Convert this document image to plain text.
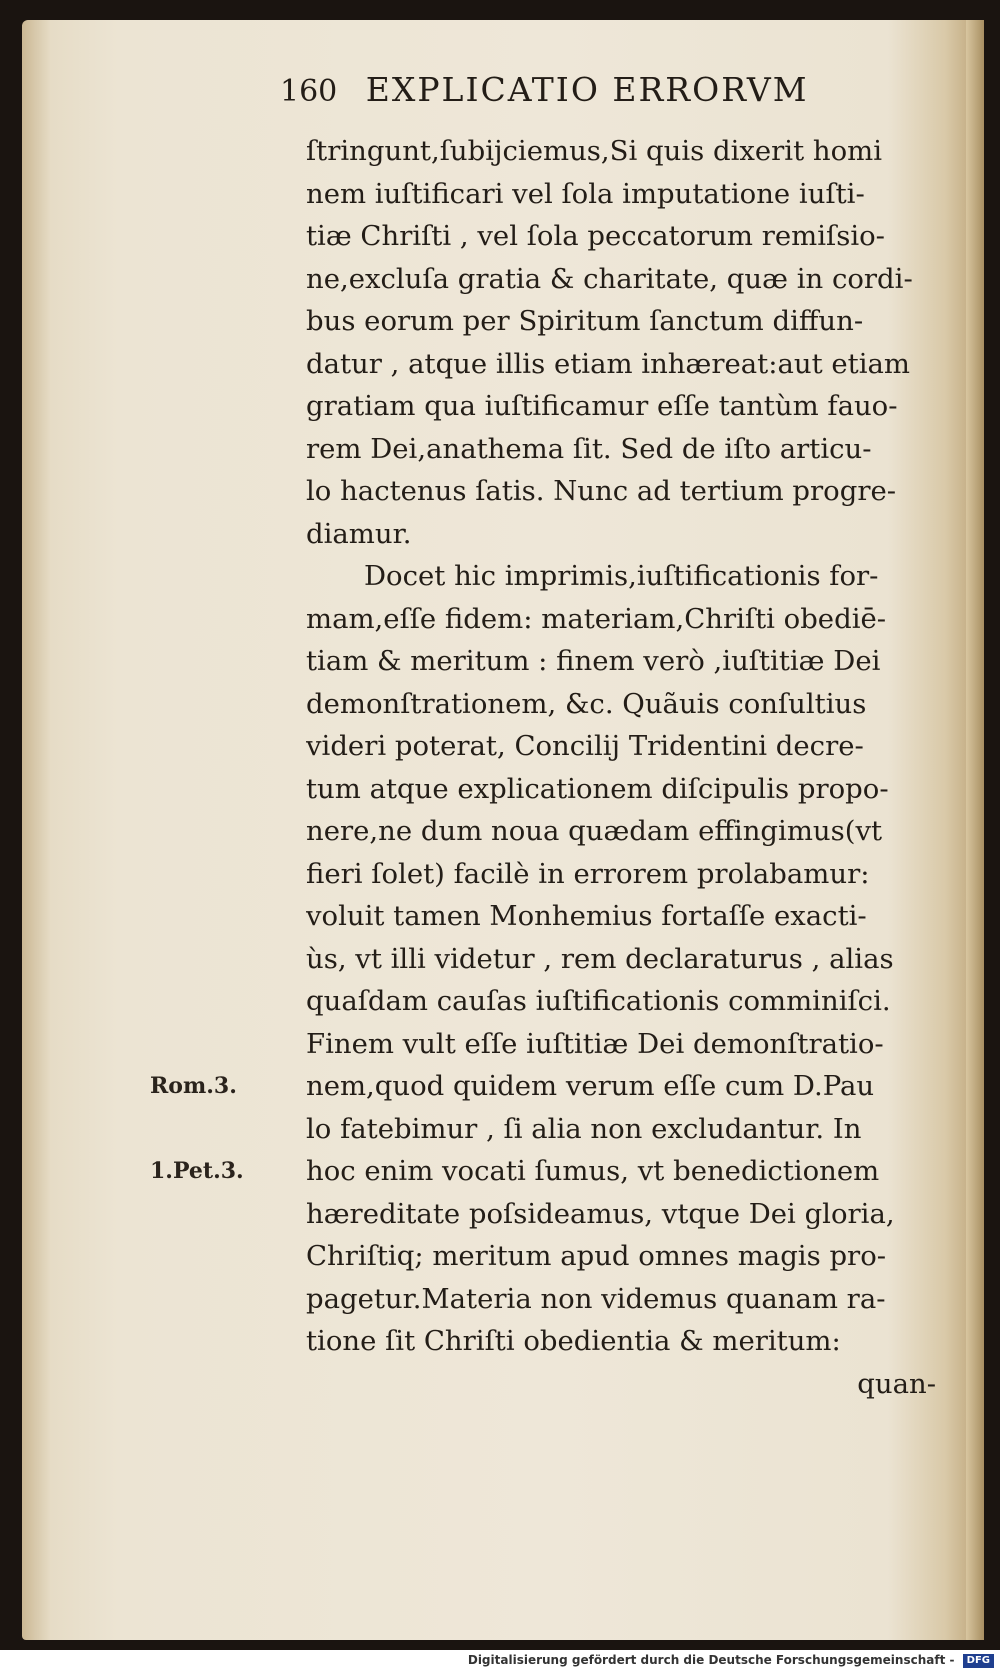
160 EXPLICATIO ERRORVM
ſtringunt,ſubijciemus,Si quis dixerit homi
nem iuſtificari vel ſola imputatione iuſti-
tiæ Chriſti , vel ſola peccatorum remiſsio-
ne,excluſa gratia & charitate, quæ in cordi-
bus eorum per Spiritum ſanctum diffun-
datur , atque illis etiam inhæreat:aut etiam
gratiam qua iuſtificamur eſſe tantùm fauo-
rem Dei,anathema ſit. Sed de iſto articu-
lo hactenus ſatis. Nunc ad tertium progre-
diamur.
Docet hic imprimis,iuſtificationis for-
mam,eſſe fidem: materiam,Chriſti obediē-
tiam & meritum : finem verò ,iuſtitiæ Dei
demonſtrationem, &c. Quãuis conſultius
videri poterat, Concilij Tridentini decre-
tum atque explicationem diſcipulis propo-
nere,ne dum noua quædam effingimus(vt
fieri ſolet) facilè in errorem prolabamur:
voluit tamen Monhemius fortaſſe exacti-
ùs, vt illi videtur , rem declaraturus , alias
quaſdam cauſas iuſtificationis comminiſci.
Finem vult eſſe iuſtitiæ Dei demonſtratio-
nem,quod quidem verum eſſe cum D.Pau
lo fatebimur , ſi alia non excludantur. In
hoc enim vocati ſumus, vt benedictionem
hæreditate poſsideamus, vtque Dei gloria,
Chriſtiq; meritum apud omnes magis pro-
pagetur.Materia non videmus quanam ra-
tione ſit Chriſti obedientia & meritum:
quan-
Digitalisierung gefördert durch die Deutsche Forschungsgemeinschaft - DFG
Rom.3.
1.Pet.3.
